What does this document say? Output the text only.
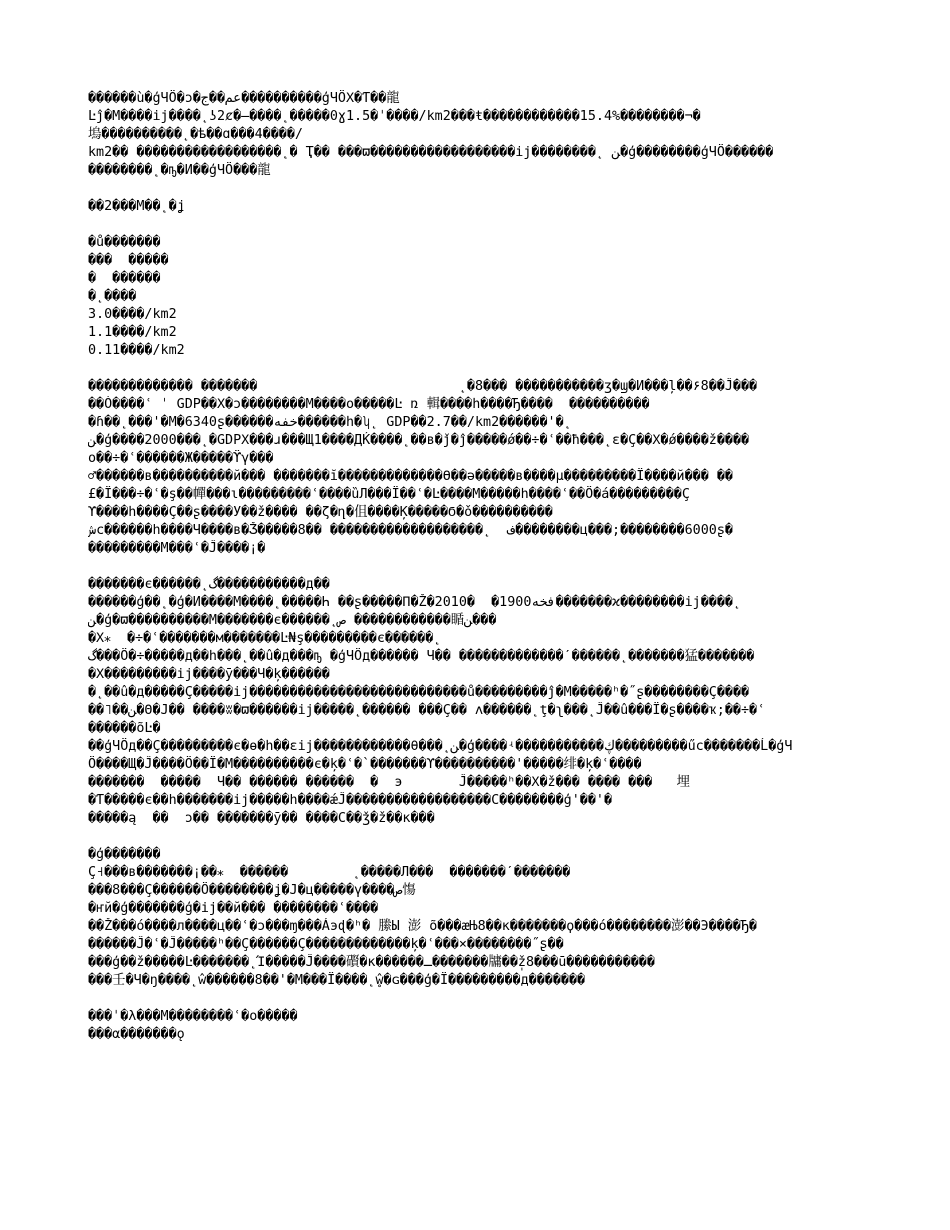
������ù�ģЧÖ�ɔ�عم��ج����������ģЧÖΧ�Ƭ��龍
Ŀĵ�М����ij����˛ʖ2ȼ�̶����˛�����0ɣ1.5�ˈ����/km2���ŧ������������15.4%��������¬�
塢����������˛�ѣ��ɑ���4����/
km2�� ������������������˛� Ҭ�� ���ϖ������������������ij��������˛ ﻦ�ģ��������ģЧÖ������
��������˛�ҧ�И��ģЧÖ���龍
��2���М��˛�ʝ
�ů�������
���  �����
�  ������
�˛����
3.0����/km2
1.1����/km2
0.11����/km2
������������� �������                         ˛�8��� �����������ӡ�ϣ�И���ļ��۶8��Ĵ���
��Ò����ʿ ˈ GDP��Χ�ɔ��������М����ο�����Ŀ ռ 輯����һ����Ђ����  ����������
�ɦ��˛���'�М�6340ʂ������خفه������һ�ʮ˛ GDP��2.7��/km2������'�˛
ﻦ�ģ����2000���˛�GDPΧ���ɹ���Щ1����ДЌ����˛��в�ǰ�ĵ�����ǿ��÷�ʿ��ħ���˛ε�Ç��Χ�ǿ����ž����
ο��÷�ʿ������Ж�����ϔγ���
♂������в����������й��� �������ĭ�������������ϴ��ǝ�����в����µ���������Ï����й��� ��
£�Ï���÷�ʿ�ş��幝���ɩ���������ʿ����ȕЛ���Ï��ʿ�Ŀ����М�����һ����ʿ��Ö�á���������Ç
ϒ����һ����Ç��ʂ����У��ž���� ��ζ�ղ�伹����Ķ�����Ϭ�ǒ����������
ﺵϲ������h����Ч����в�Ǯ�����8�� �������������������˛  ﻑ��������ц���;��������6000ʂ�
���������М���ʿ�Ĵ����¡�
�������є������˛ﮒ�����������д��
������ģ��˛�ģ�И����М����˛�����Һ ��ʂ�����Π�Ž�2010�  �1900فخه�������ϰ��������ij����˛
ﻦ�ģ�ϖ����������М�������є������˛ﺹ ������������瞃ﻦ���
�Χ⁎  �÷�ʿ�������м�������Ŀ₦ş���������є������˛
ﮒ���Ö�÷�����д��һ���˛��û�д���ҧ �ģЧÖд������ Ч�� �������������ˊ������˛�������猛�������
�Χ���������ij����ӯ���Ч�ķ������
�˛��û�д�����Ç�����ij���������������������������ů���������ĵ�М�����ʰ�˝ʂ��������Ç����
��˥��ﻦ�Θ�Ј�� ����ʬ�ϖ������ij�����˛������ ���Ç�� ʌ������˛ţ�ʅ���˛Ĵ��û���Ï�ʂ����ҡ;��÷�ʿ
������õĿ�
��ģЧÖд��Ç���������є�ɵ�һ��εij������������θ���˛ﻦ�ģ����ʵ�����������ڮ���������űс�������Ĺ�ģЧ
Ö����Щ�Ĵ����Ö��Ï�М����������є�ķ�ʿ�`�������ϒ����������'�����绯�ķ�ʿ����
�������  �����  Ч�� ������ ������  �  э       Ĵ�����ʰ��Χ�ž��� ���� ���   埋
�Ƭ�����є��h�������ij�����h����ǽĴ������������������С��������ģ'��'�
�����ą  ��  ɔ�� �������ӯ�� ����С��ǯ�ž��к���
�ģ�������
Ç˧���в�������¡��⁎  ������        ˛�����Л���  �������ˊ�������
���8���Ç������Ö��������ʝ�Ј�ц�����ү����ص慯
�ҥй�ģ�������ģ�ij��й��� ��������ʿ����
��Ž���ó����л����ц��ʿ�ɔ���ɱ���Áэɖ�ʰ� 縢Ы 澎 õ���æЊ8��к�������ϙ���ó��������澎��Э����Ђ�
������Ĵ�ʿ�Ĵ�����ʰ��Ç������Ç�������������ķ�ʿ���×��������˝ʂ��
���ģ��ž�����Ŀ�������˛Ί�����Ĵ����礥�к������ـ�������牗��ž̩8���ū�����������
���壬�Ч�ŋ����˛ŵ������8��'�М���Ï����˛ŵ̥�ɢ���ģ�Ï���������д�������
���ˈ�λ���М��������ʿ�ο�����
���α�������ǫ
